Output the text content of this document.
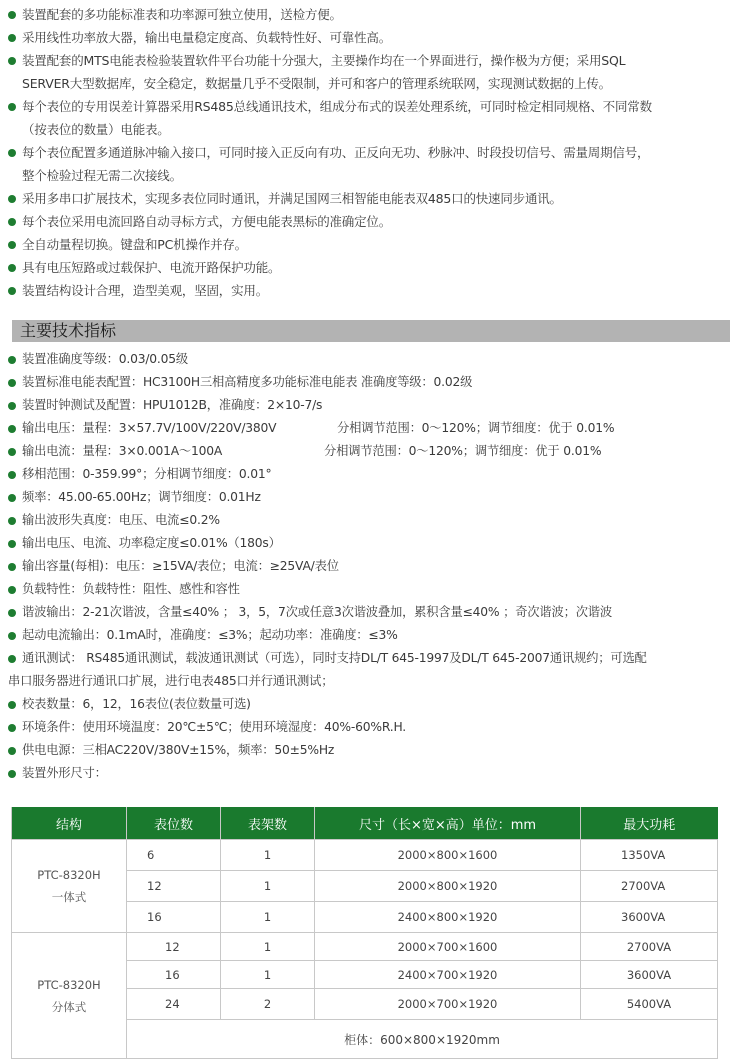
装置配套的多功能标准表和功率源可独立使用，送检方便。
采用线性功率放大器，输出电量稳定度高、负载特性好、可靠性高。
装置配套的MTS电能表检验装置软件平台功能十分强大，主要操作均在一个界面进行，操作极为方便；采用SQL
SERVER大型数据库，安全稳定，数据量几乎不受限制，并可和客户的管理系统联网，实现测试数据的上传。
每个表位的专用误差计算器采用RS485总线通讯技术，组成分布式的误差处理系统，可同时检定相同规格、不同常数
（按表位的数量）电能表。
每个表位配置多通道脉冲输入接口，可同时接入正反向有功、正反向无功、秒脉冲、时段投切信号、需量周期信号，
整个检验过程无需二次接线。
采用多串口扩展技术，实现多表位同时通讯，并满足国网三相智能电能表双485口的快速同步通讯。
每个表位采用电流回路自动寻标方式，方便电能表黑标的准确定位。
全自动量程切换。键盘和PC机操作并存。
具有电压短路或过载保护、电流开路保护功能。
装置结构设计合理，造型美观，坚固，实用。
主要技术指标
装置准确度等级：0.03/0.05级
装置标准电能表配置：HC3100H三相高精度多功能标准电能表 准确度等级：0.02级
装置时钟测试及配置：HPU1012B，准确度：2×10-7/s
输出电压：量程：3×57.7V/100V/220V/380V	分相调节范围：0～120%；调节细度：优于 0.01%
输出电流：量程：3×0.001A～100A	分相调节范围：0～120%；调节细度：优于 0.01%
移相范围：0-359.99°；分相调节细度：0.01°
频率：45.00-65.00Hz；调节细度：0.01Hz
输出波形失真度：电压、电流≤0.2%
输出电压、电流、功率稳定度≤0.01%（180s）
输出容量(每相)：电压：≥15VA/表位；电流：≥25VA/表位
负载特性：负载特性：阻性、感性和容性
谐波输出：2-21次谐波，含量≤40% ； 3，5，7次或任意3次谐波叠加，累积含量≤40% ；奇次谐波；次谐波
起动电流输出：0.1mA时，准确度：≤3%；起动功率：准确度：≤3%
通讯测试： RS485通讯测试，载波通讯测试（可选），同时支持DL/T 645-1997及DL/T 645-2007通讯规约；可选配
串口服务器进行通讯口扩展，进行电表485口并行通讯测试；
校表数量：6，12，16表位(表位数量可选)
环境条件：使用环境温度：20℃±5℃；使用环境湿度：40%-60%R.H.
供电电源：三相AC220V/380V±15%，频率：50±5%Hz
装置外形尺寸：
结构	表位数	表架数	尺寸（长×宽×高）单位：mm	最大功耗

PTC-8320H
一体式	6	1	2000×800×1600	1350VA
	12	1	2000×800×1920	2700VA
	16	1	2400×800×1920	3600VA

PTC-8320H
分体式	12	1	2000×700×1600	2700VA
	16	1	2400×700×1920	3600VA
	24	2	2000×700×1920	5400VA
	柜体：600×800×1920mm			
